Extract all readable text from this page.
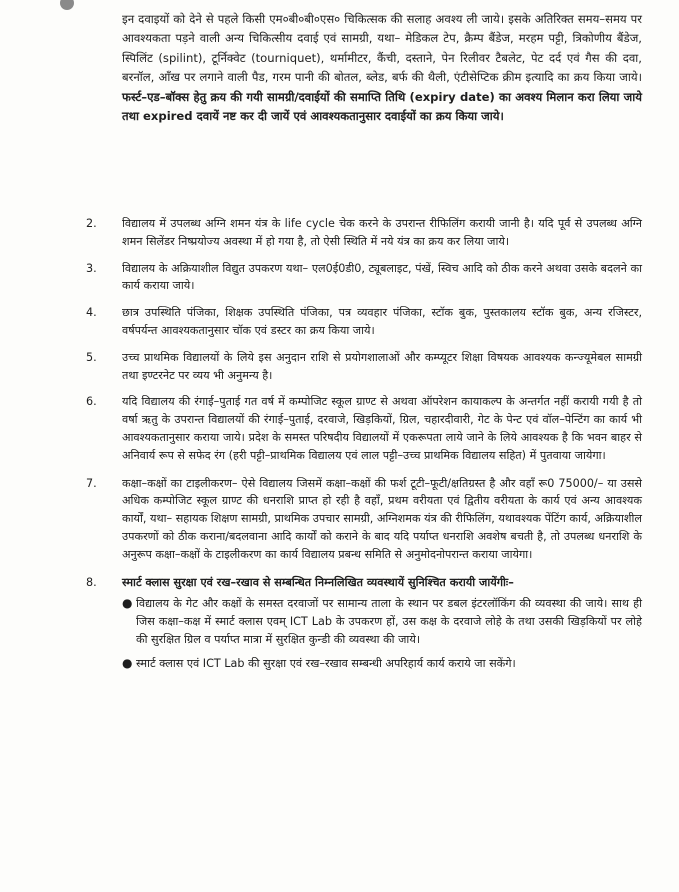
इन दवाइयों को देने से पहले किसी एम०बी०बी०एस० चिकित्सक की सलाह अवश्य ली जाये। इसके अतिरिक्त समय–समय पर आवश्यकता पड़ने वाली अन्य चिकित्सीय दवाई एवं सामग्री, यथा– मेडिकल टेप, क्रैम्प बैंडेज, मरहम पट्टी, त्रिकोणीय बैंडेज, स्पिलिंट (spilint), टूर्निक्वेट (tourniquet), थर्मामीटर, कैंची, दस्ताने, पेन रिलीवर टैबलेट, पेट दर्द एवं गैस की दवा, बरनॉल, आँख पर लगाने वाली पैड, गरम पानी की बोतल, ब्लेड, बर्फ की थैली, एंटीसेप्टिक क्रीम इत्यादि का क्रय किया जाये। फर्स्ट–एड–बॉक्स हेतु क्रय की गयी सामग्री/दवाईयों की समाप्ति तिथि (expiry date) का अवश्य मिलान करा लिया जाये तथा expired दवायें नष्ट कर दी जायें एवं आवश्यकतानुसार दवाईयों का क्रय किया जाये।
2.	विद्यालय में उपलब्ध अग्नि शमन यंत्र के life cycle चेक करने के उपरान्त रीफिलिंग करायी जानी है। यदि पूर्व से उपलब्ध अग्नि शमन सिलेंडर निष्प्रयोज्य अवस्था में हो गया है, तो ऐसी स्थिति में नये यंत्र का क्रय कर लिया जाये।
3.	विद्यालय के अक्रियाशील विद्युत उपकरण यथा– एल0ई0डी0, ट्यूबलाइट, पंखें, स्विच आदि को ठीक करने अथवा उसके बदलने का कार्य कराया जाये।
4.	छात्र उपस्थिति पंजिका, शिक्षक उपस्थिति पंजिका, पत्र व्यवहार पंजिका, स्टॉक बुक, पुस्तकालय स्टॉक बुक, अन्य रजिस्टर, वर्षपर्यन्त आवश्यकतानुसार चॉक एवं डस्टर का क्रय किया जाये।
5.	उच्च प्राथमिक विद्यालयों के लिये इस अनुदान राशि से प्रयोगशालाओं और कम्प्यूटर शिक्षा विषयक आवश्यक कन्ज्यूमेबल सामग्री तथा इण्टरनेट पर व्यय भी अनुमन्य है।
6.	यदि विद्यालय की रंगाई–पुताई गत वर्ष में कम्पोजिट स्कूल ग्राण्ट से अथवा ऑपरेशन कायाकल्प के अन्तर्गत नहीं करायी गयी है तो वर्षा ऋतु के उपरान्त विद्यालयों की रंगाई–पुताई, दरवाजे, खिड़कियों, ग्रिल, चहारदीवारी, गेट के पेन्ट एवं वॉल–पेन्टिंग का कार्य भी आवश्यकतानुसार कराया जाये। प्रदेश के समस्त परिषदीय विद्यालयों में एकरूपता लाये जाने के लिये आवश्यक है कि भवन बाहर से अनिवार्य रूप से सफेद रंग (हरी पट्टी–प्राथमिक विद्यालय एवं लाल पट्टी–उच्च प्राथमिक विद्यालय सहित) में पुतवाया जायेगा।
7.	कक्षा–कक्षों का टाइलीकरण– ऐसे विद्यालय जिसमें कक्षा–कक्षों की फर्श टूटी–फूटी/क्षतिग्रस्त है और वहाँ रू0 75000/– या उससे अधिक कम्पोजिट स्कूल ग्राण्ट की धनराशि प्राप्त हो रही है वहाँ, प्रथम वरीयता एवं द्वितीय वरीयता के कार्य एवं अन्य आवश्यक कार्यों, यथा– सहायक शिक्षण सामग्री, प्राथमिक उपचार सामग्री, अग्निशमक यंत्र की रीफिलिंग, यथावश्यक पेंटिंग कार्य, अक्रियाशील उपकरणों को ठीक कराना/बदलवाना आदि कार्यों को कराने के बाद यदि पर्याप्त धनराशि अवशेष बचती है, तो उपलब्ध धनराशि के अनुरूप कक्षा–कक्षों के टाइलीकरण का कार्य विद्यालय प्रबन्ध समिति से अनुमोदनोपरान्त कराया जायेगा।
8.	स्मार्ट क्लास सुरक्षा एवं रख–रखाव से सम्बन्धित निम्नलिखित व्यवस्थायें सुनिश्चित करायी जायेंगीः–
● विद्यालय के गेट और कक्षों के समस्त दरवाजों पर सामान्य ताला के स्थान पर डबल इंटरलॉकिंग की व्यवस्था की जाये। साथ ही जिस कक्षा–कक्ष में स्मार्ट क्लास एवम् ICT Lab के उपकरण हों, उस कक्ष के दरवाजे लोहे के तथा उसकी खिड़कियों पर लोहे की सुरक्षित ग्रिल व पर्याप्त मात्रा में सुरक्षित कुन्डी की व्यवस्था की जाये।
● स्मार्ट क्लास एवं ICT Lab की सुरक्षा एवं रख–रखाव सम्बन्धी अपरिहार्य कार्य कराये जा सकेंगे।
